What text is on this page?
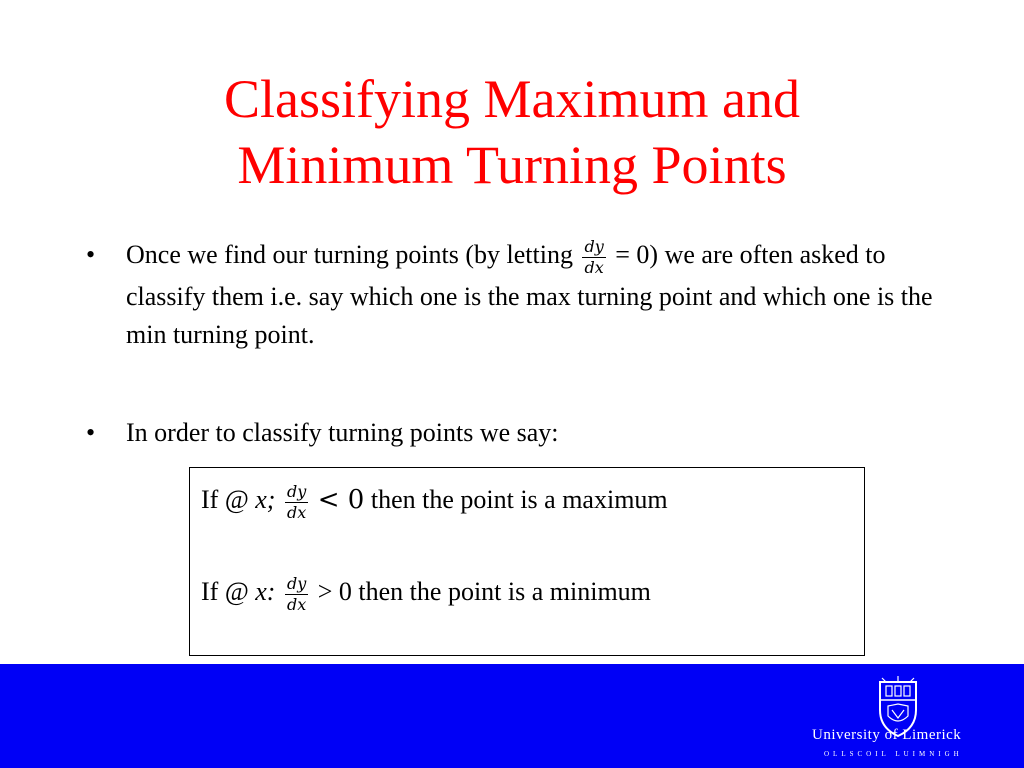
Classifying Maximum and
Minimum Turning Points
• Once we find our turning points (by letting $\frac{dy}{dx} = 0$) we are often asked to classify them i.e. say which one is the max turning point and which one is the min turning point.
• In order to classify turning points we say:
If @ x; $\frac{dy}{dx} < 0$ then the point is a maximum
If @ x: $\frac{dy}{dx} > 0$ then the point is a minimum
University of Limerick
OLLSCOIL LUIMNIGH
